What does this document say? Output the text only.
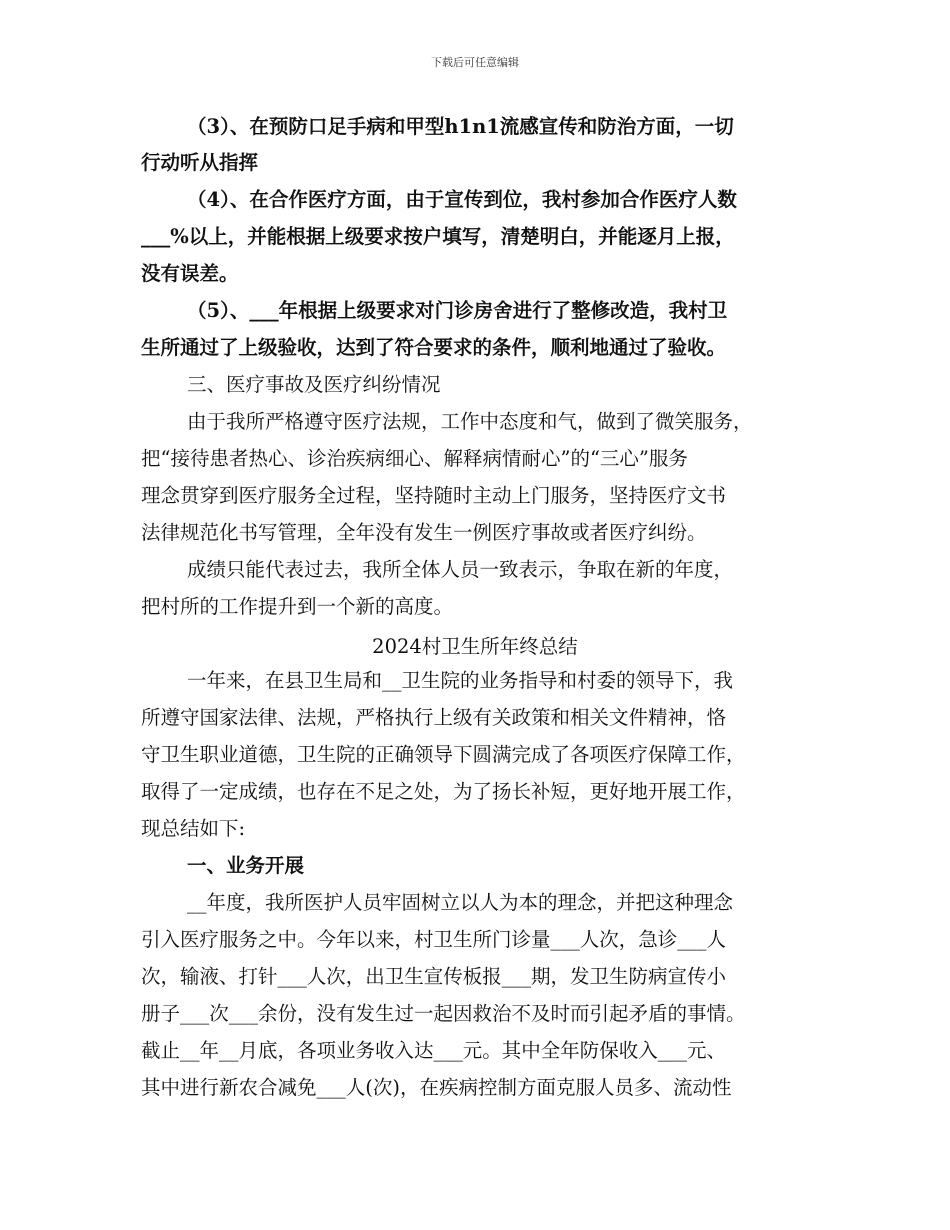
下载后可任意编辑
（3）、在预防口足手病和甲型h1n1流感宣传和防治方面，一切
行动听从指挥
（4）、在合作医疗方面，由于宣传到位，我村参加合作医疗人数
___%以上，并能根据上级要求按户填写，清楚明白，并能逐月上报，
没有误差。
（5）、___年根据上级要求对门诊房舍进行了整修改造，我村卫
生所通过了上级验收，达到了符合要求的条件，顺利地通过了验收。
三、医疗事故及医疗纠纷情况
由于我所严格遵守医疗法规，工作中态度和气，做到了微笑服务，
把“接待患者热心、诊治疾病细心、解释病情耐心”的“三心”服务
理念贯穿到医疗服务全过程，坚持随时主动上门服务，坚持医疗文书
法律规范化书写管理，全年没有发生一例医疗事故或者医疗纠纷。
成绩只能代表过去，我所全体人员一致表示，争取在新的年度，
把村所的工作提升到一个新的高度。
2024村卫生所年终总结
一年来，在县卫生局和__卫生院的业务指导和村委的领导下，我
所遵守国家法律、法规，严格执行上级有关政策和相关文件精神，恪
守卫生职业道德，卫生院的正确领导下圆满完成了各项医疗保障工作，
取得了一定成绩，也存在不足之处，为了扬长补短，更好地开展工作，
现总结如下:
一、业务开展
__年度，我所医护人员牢固树立以人为本的理念，并把这种理念
引入医疗服务之中。今年以来，村卫生所门诊量___人次，急诊___人
次，输液、打针___人次，出卫生宣传板报___期，发卫生防病宣传小
册子___次___余份，没有发生过一起因救治不及时而引起矛盾的事情。
截止__年__月底，各项业务收入达___元。其中全年防保收入___元、
其中进行新农合减免___人(次)，在疾病控制方面克服人员多、流动性
